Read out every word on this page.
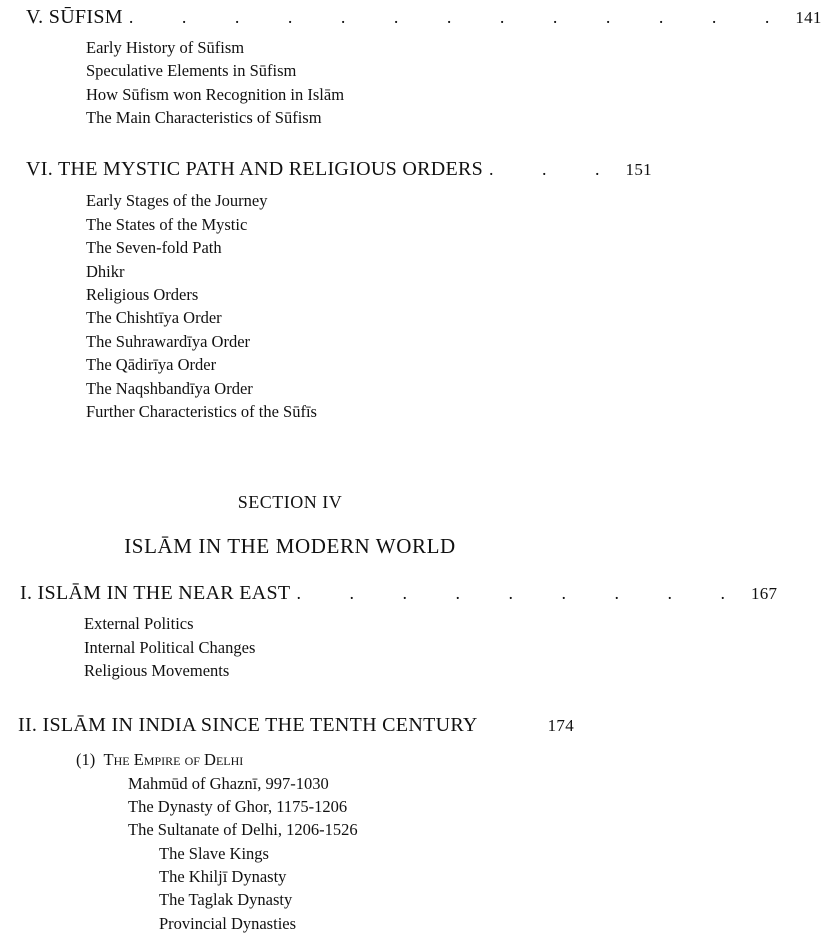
V. SŪFISM . . . . . . . . . . . . . 141
Early History of Sūfism
Speculative Elements in Sūfism
How Sūfism won Recognition in Islām
The Main Characteristics of Sūfism
VI. THE MYSTIC PATH AND RELIGIOUS ORDERS . . . 151
Early Stages of the Journey
The States of the Mystic
The Seven-fold Path
Dhikr
Religious Orders
The Chishtīya Order
The Suhrawardīya Order
The Qādirīya Order
The Naqshbandīya Order
Further Characteristics of the Sūfīs
SECTION IV
ISLĀM IN THE MODERN WORLD
I. ISLĀM IN THE NEAR EAST . . . . . . . . . 167
External Politics
Internal Political Changes
Religious Movements
II. ISLĀM IN INDIA SINCE THE TENTH CENTURY	174
(1) The Empire of Delhi
Mahmūd of Ghaznī, 997-1030
The Dynasty of Ghor, 1175-1206
The Sultanate of Delhi, 1206-1526
The Slave Kings
The Khiljī Dynasty
The Taglak Dynasty
Provincial Dynasties
